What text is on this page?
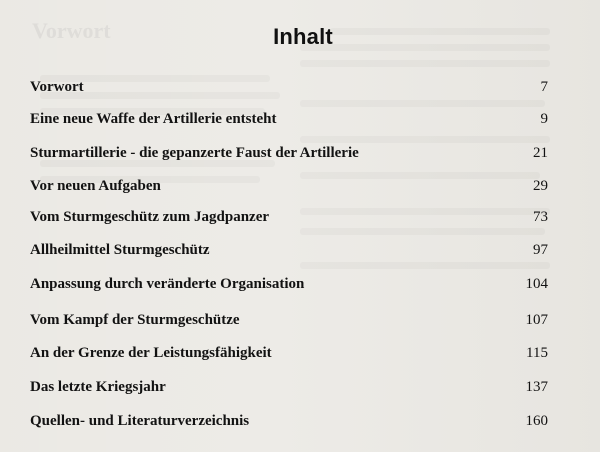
Inhalt
Vorwort	7
Eine neue Waffe der Artillerie entsteht	9
Sturmartillerie - die gepanzerte Faust der Artillerie	21
Vor neuen Aufgaben	29
Vom Sturmgeschütz zum Jagdpanzer	73
Allheilmittel Sturmgeschütz	97
Anpassung durch veränderte Organisation	104
Vom Kampf der Sturmgeschütze	107
An der Grenze der Leistungsfähigkeit	115
Das letzte Kriegsjahr	137
Quellen- und Literaturverzeichnis	160
